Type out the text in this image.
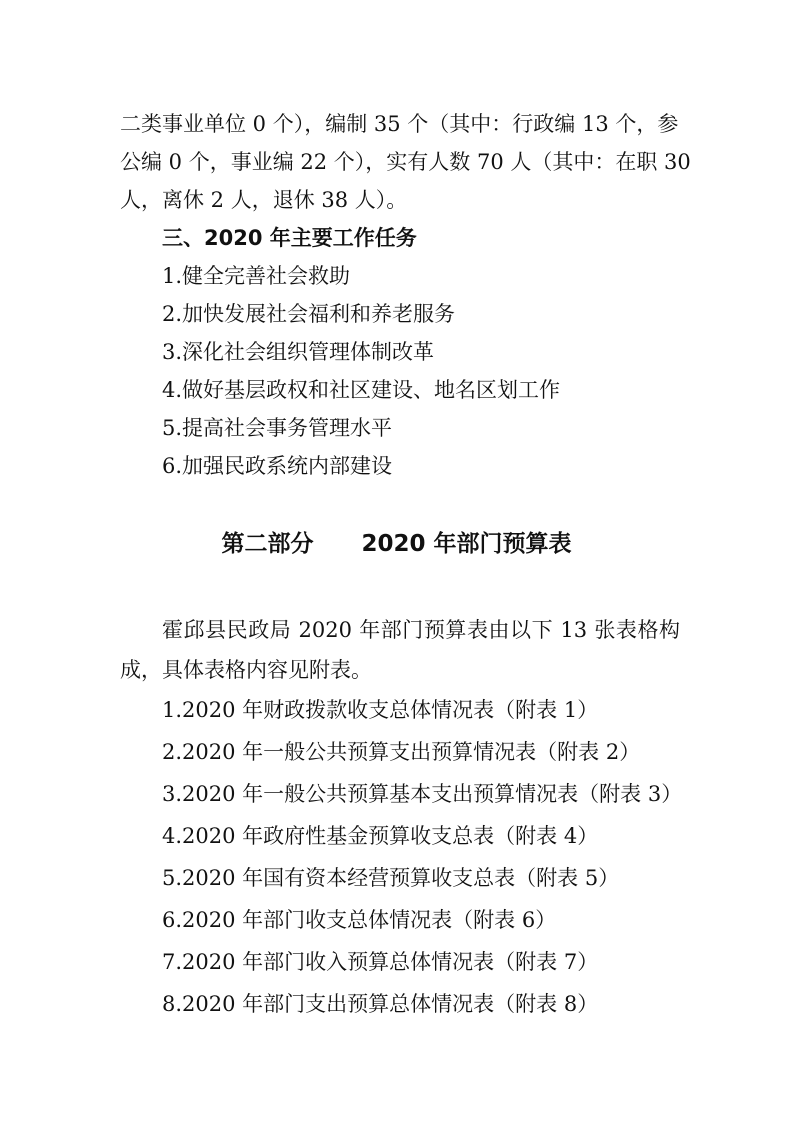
二类事业单位 0 个），编制 35 个（其中：行政编 13 个，参
公编 0 个，事业编 22 个），实有人数 70 人（其中：在职 30
人，离休 2 人，退休 38 人）。
三、2020 年主要工作任务
1.健全完善社会救助
2.加快发展社会福利和养老服务
3.深化社会组织管理体制改革
4.做好基层政权和社区建设、地名区划工作
5.提高社会事务管理水平
6.加强民政系统内部建设
第二部分      2020 年部门预算表
霍邱县民政局 2020 年部门预算表由以下 13 张表格构成，具体表格内容见附表。
1.2020 年财政拨款收支总体情况表（附表 1）
2.2020 年一般公共预算支出预算情况表（附表 2）
3.2020 年一般公共预算基本支出预算情况表（附表 3）
4.2020 年政府性基金预算收支总表（附表 4）
5.2020 年国有资本经营预算收支总表（附表 5）
6.2020 年部门收支总体情况表（附表 6）
7.2020 年部门收入预算总体情况表（附表 7）
8.2020 年部门支出预算总体情况表（附表 8）
